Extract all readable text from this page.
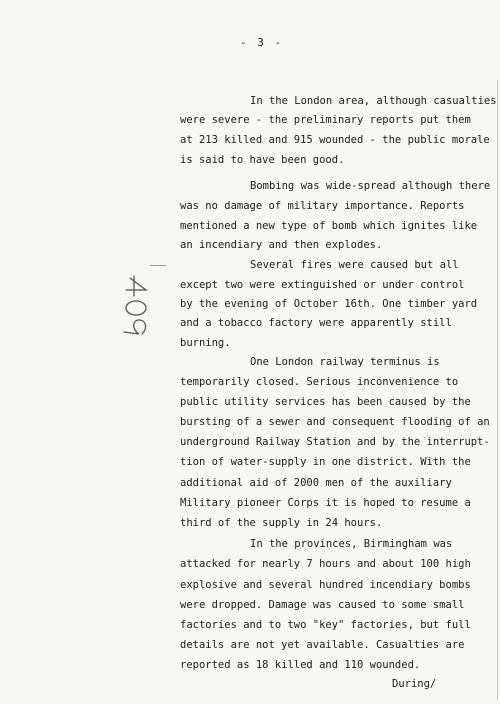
- 3 -
In the London area, although casualties
were severe - the preliminary reports put them
at 213 killed and 915 wounded - the public morale
is said to have been good.
Bombing was wide-spread although there
was no damage of military importance. Reports
mentioned a new type of bomb which ignites like
an incendiary and then explodes.
Several fires were caused but all
except two were extinguished or under control
by the evening of October 16th. One timber yard
and a tobacco factory were apparently still
burning.
One London railway terminus is
temporarily closed. Serious inconvenience to
public utility services has been caused by the
bursting of a sewer and consequent flooding of an
underground Railway Station and by the interrupt-
tion of water-supply in one district. With the
additional aid of 2000 men of the auxiliary
Military pioneer Corps it is hoped to resume a
third of the supply in 24 hours.
In the provinces, Birmingham was
attacked for nearly 7 hours and about 100 high
explosive and several hundred incendiary bombs
were dropped. Damage was caused to some small
factories and to two "key" factories, but full
details are not yet available. Casualties are
reported as 18 killed and 110 wounded.
During/
